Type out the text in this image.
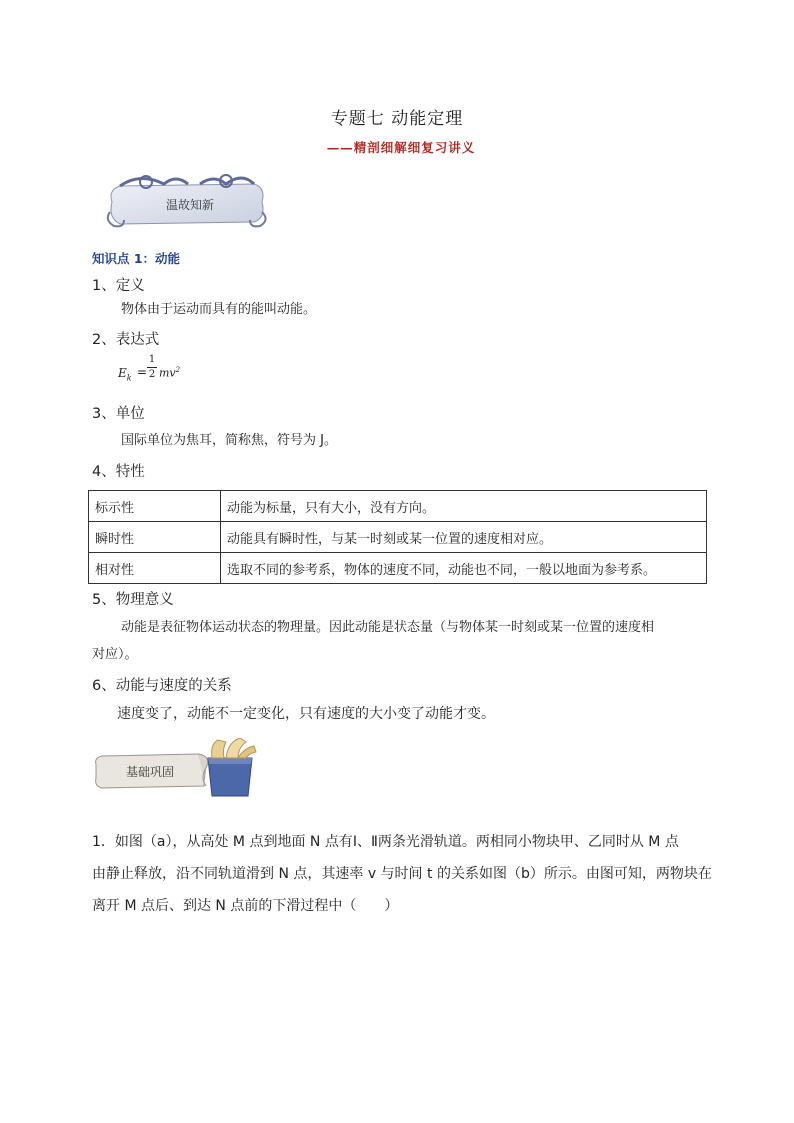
专题七 动能定理
——精剖细解细复习讲义
温故知新
知识点 1：动能
1、定义
物体由于运动而具有的能叫动能。
2、表达式
$E_k$ =
1
2 $mv^2$
3、单位
国际单位为焦耳，简称焦，符号为 J。
4、特性
标示性	动能为标量，只有大小，没有方向。
瞬时性	动能具有瞬时性，与某一时刻或某一位置的速度相对应。
相对性	选取不同的参考系，物体的速度不同，动能也不同，一般以地面为参考系。
5、物理意义
动能是表征物体运动状态的物理量。因此动能是状态量（与物体某一时刻或某一位置的速度相
对应）。
6、动能与速度的关系
速度变了，动能不一定变化，只有速度的大小变了动能才变。
基础巩固
1．如图（a），从高处 M 点到地面 N 点有Ⅰ、Ⅱ两条光滑轨道。两相同小物块甲、乙同时从 M 点
由静止释放，沿不同轨道滑到 N 点，其速率 v 与时间 t 的关系如图（b）所示。由图可知，两物块在
离开 M 点后、到达 N 点前的下滑过程中（　　）
